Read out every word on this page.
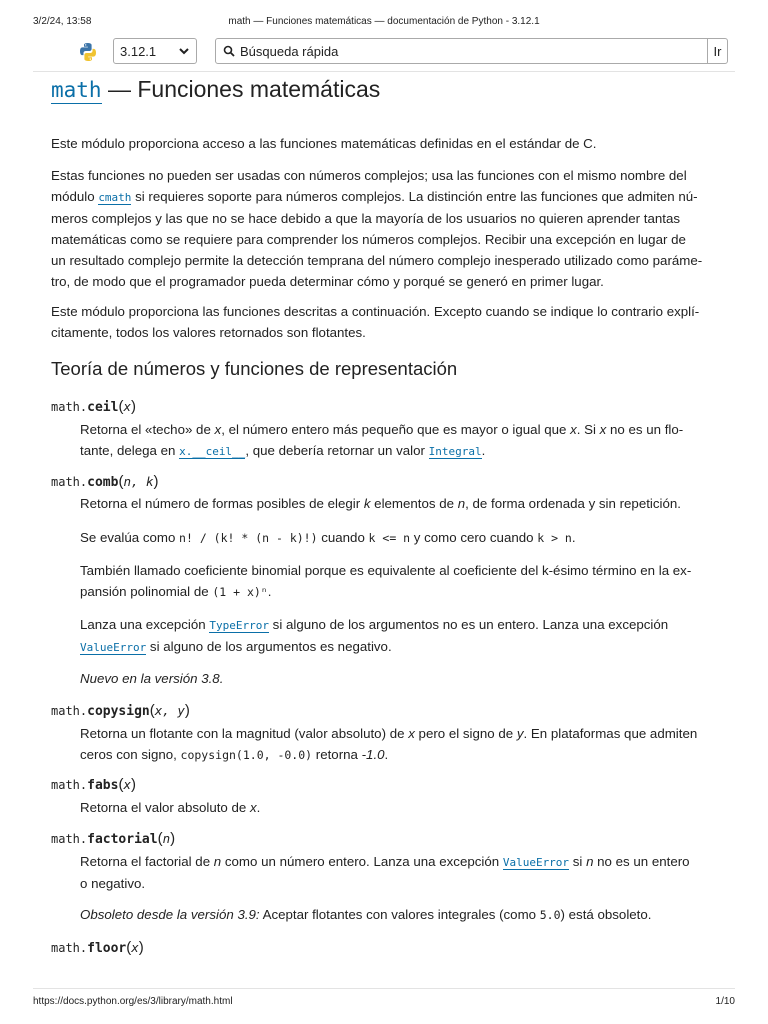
3/2/24, 13:58	math — Funciones matemáticas — documentación de Python - 3.12.1
3.12.1	Búsqueda rápida	Ir
math — Funciones matemáticas
Este módulo proporciona acceso a las funciones matemáticas definidas en el estándar de C.
Estas funciones no pueden ser usadas con números complejos; usa las funciones con el mismo nombre del
módulo cmath si requieres soporte para números complejos. La distinción entre las funciones que admiten nú-
meros complejos y las que no se hace debido a que la mayoría de los usuarios no quieren aprender tantas
matemáticas como se requiere para comprender los números complejos. Recibir una excepción en lugar de
un resultado complejo permite la detección temprana del número complejo inesperado utilizado como paráme-
tro, de modo que el programador pueda determinar cómo y porqué se generó en primer lugar.
Este módulo proporciona las funciones descritas a continuación. Excepto cuando se indique lo contrario explí-
citamente, todos los valores retornados son flotantes.
Teoría de números y funciones de representación
math.ceil(x)
Retorna el «techo» de x, el número entero más pequeño que es mayor o igual que x. Si x no es un flo-
tante, delega en x.__ceil__, que debería retornar un valor Integral.
math.comb(n, k)
Retorna el número de formas posibles de elegir k elementos de n, de forma ordenada y sin repetición.
Se evalúa como n! / (k! * (n - k)!) cuando k <= n y como cero cuando k > n.
También llamado coeficiente binomial porque es equivalente al coeficiente del k-ésimo término en la ex-
pansión polinomial de (1 + x)ⁿ.
Lanza una excepción TypeError si alguno de los argumentos no es un entero. Lanza una excepción
ValueError si alguno de los argumentos es negativo.
Nuevo en la versión 3.8.
math.copysign(x, y)
Retorna un flotante con la magnitud (valor absoluto) de x pero el signo de y. En plataformas que admiten
ceros con signo, copysign(1.0, -0.0) retorna -1.0.
math.fabs(x)
Retorna el valor absoluto de x.
math.factorial(n)
Retorna el factorial de n como un número entero. Lanza una excepción ValueError si n no es un entero
o negativo.
Obsoleto desde la versión 3.9: Aceptar flotantes con valores integrales (como 5.0) está obsoleto.
math.floor(x)
https://docs.python.org/es/3/library/math.html	1/10
